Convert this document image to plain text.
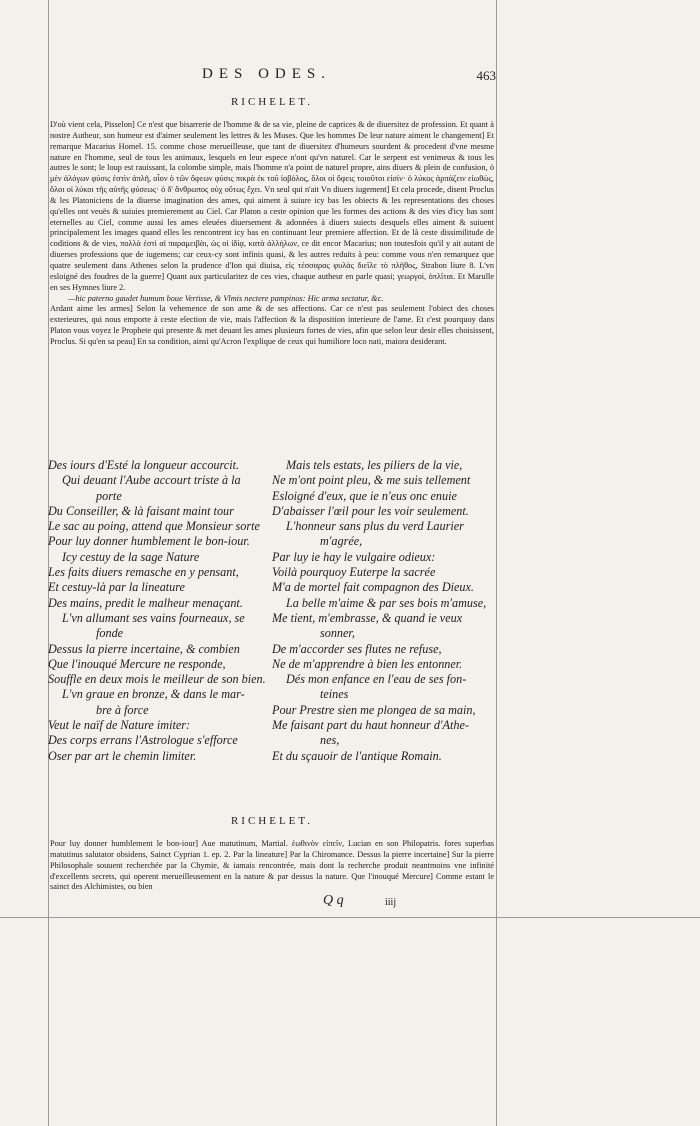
DES ODES.	463
RICHELET.

D'où vient cela, Pisselon] Ce n'est que bisarrerie de l'homme & de sa vie, pleine de caprices & de diuersitez de profession. Et quant à nostre Autheur, son humeur est d'aimer seulement les lettres & les Muses. Que les hommes De leur nature aiment le changement] Et remarque Macarius Homel. 15. comme chose merueilleuse, que tant de diuersitez d'humeurs sourdent & procedent d'vne mesme nature en l'homme, seul de tous les animaux, lesquels en leur espece n'ont qu'vn naturel. Car le serpent est venimeux & tous les autres le sont; le loup est rauissant, la colombe simple, mais l'homme n'a point de naturel propre, ains diuers & plein de confusion, ὁ μὲν ἀλόγων φύσις ἐστὶν ἁπλῆ, οἷον ὁ τῶν ὄφεων φύσις πικρὰ ἐκ τοῦ ἰοβόλος, ὅλοι οἱ ὄφεις τοιοῦτοι εἰσίν· ὁ λύκος ἁρπάζειν εἰωθώς, ὅλοι οἱ λύκοι τῆς αὐτῆς φύσεως· ὁ δ' ἄνθρωπος οὐχ οὕτως ἔχει. Vn seul qui n'ait Vn diuers iugement] Et cela procede, disent Proclus & les Platoniciens de la diuerse imagination des ames, qui aiment à suiure icy bas les obiects & les representations des choses qu'elles ont veuës & suiuies premierement au Ciel. Car Platon a ceste opinion que les formes des actions & des vies d'icy bas sont eternelles au Ciel, comme aussi les ames eleuées diuersement & adonnées à diuers suiects desquels elles aiment & suiuent principalement les images quand elles les rencontrent icy bas en continuant leur premiere affection. Et de là ceste dissimilitude de coditions & de vies, πολλὰ ἐστὶ αἱ παραμειβὰι, ὡς οἱ ἰδίᾳ, κατὰ ἀλλήλων, ce dit encor Macarius; non toutesfois qu'il y ait autant de diuerses professions que de iugemens; car ceux-cy sont infinis quasi, & les autres reduits à peu: comme vous n'en remarquez que quatre seulement dans Athenes selon la prudence d'Ion qui diuisa, εἰς τέσσαρας φυλὰς διεῖλε τὸ πλῆθος, Strabon liure 8. L'vn esloigné des foudres de la guerre] Quant aux particularitez de ces vies, chaque autheur en parle quasi; γεωργοί, ὁπλῖται. Et Marulle en ses Hymnes liure 2.

—hic paterno gaudet humum boue Vertisse, & Vlmis nectere pampinos: Hic arma sectatur, &c.

Ardant aime les armes] Selon la vehemence de son ame & de ses affections. Car ce n'est pas seulement l'obiect des choses exterieures, qui nous emporte à ceste election de vie, mais l'affection & la disposition interieure de l'ame. Et c'est pourquoy dans Platon vous voyez le Prophete qui presente & met deuant les ames plusieurs fortes de vies, afin que selon leur desir elles choisissent, Proclus. Si qu'en sa peau] En sa condition, ainsi qu'Acron l'explique de ceux qui humiliore loco nati, maiora desiderant.

Des iours d'Esté la longueur accourcit.
Qui deuant l'Aube accourt triste à la
porte
Du Conseiller, & là faisant maint tour
Le sac au poing, attend que Monsieur sorte
Pour luy donner humblement le bon-iour.
Icy cestuy de la sage Nature
Les faits diuers remasche en y pensant,
Et cestuy-là par la lineature
Des mains, predit le malheur menaçant.
L'vn allumant ses vains fourneaux, se
fonde
Dessus la pierre incertaine, & combien
Que l'inouqué Mercure ne responde,
Souffle en deux mois le meilleur de son bien.
L'vn graue en bronze, & dans le mar-
bre à force
Veut le naïf de Nature imiter:
Des corps errans l'Astrologue s'efforce
Oser par art le chemin limiter.
Mais tels estats, les piliers de la vie,
Ne m'ont point pleu, & me suis tellement
Esloigné d'eux, que ie n'eus onc enuie
D'abaisser l'œil pour les voir seulement.
L'honneur sans plus du verd Laurier
m'agrée,
Par luy ie hay le vulgaire odieux:
Voilà pourquoy Euterpe la sacrée
M'a de mortel fait compagnon des Dieux.
La belle m'aime & par ses bois m'amuse,
Me tient, m'embrasse, & quand ie veux
sonner,
De m'accorder ses flutes ne refuse,
Ne de m'apprendre à bien les entonner.
Dés mon enfance en l'eau de ses fon-
teines
Pour Prestre sien me plongea de sa main,
Me faisant part du haut honneur d'Athe-
nes,
Et du sçauoir de l'antique Romain.
RICHELET.
Pour luy donner humblement le bon-iour] Aue matutinum, Martial. ἑωθινὸν εἰπεῖν, Lucian en son Philopatris. fores superbas matutinus salutator obsidens, Sainct Cyprian 1. ep. 2. Par la lineature] Par la Chiromance. Dessus la pierre incertaine] Sur la pierre Philosophale souuent recherchée par la Chymie, & iamais rencontrée, mais dont la recherche produit neantmoins vne infinité d'excellents secrets, qui operent merueilleusement en la nature & par dessus la nature. Que l'inouqué Mercure] Comme estant le sainct des Alchimistes, ou bien
Q q	iiij
